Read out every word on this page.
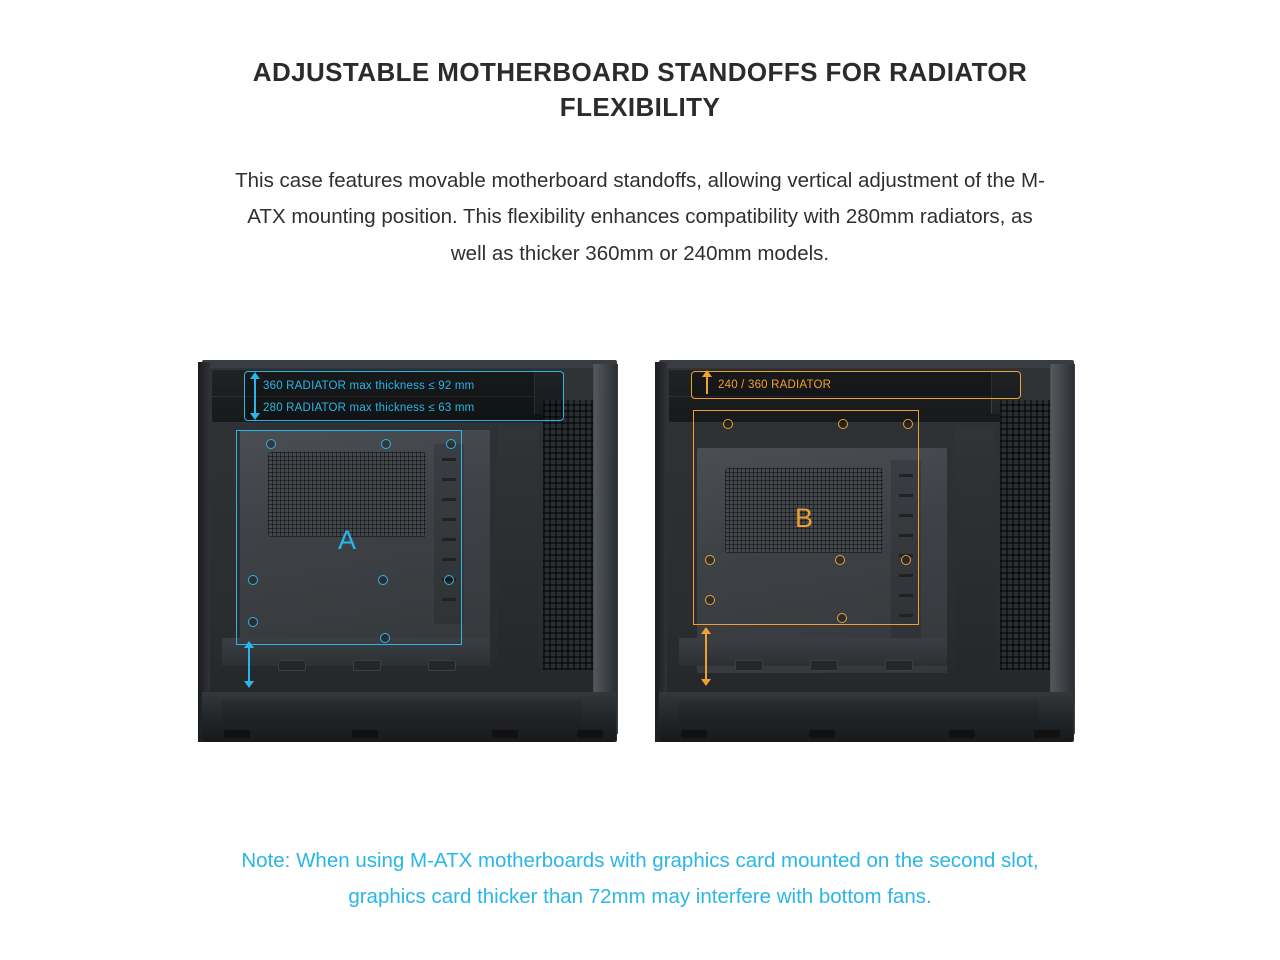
ADJUSTABLE MOTHERBOARD STANDOFFS FOR RADIATOR FLEXIBILITY

This case features movable motherboard standoffs, allowing vertical adjustment of the M-ATX mounting position. This flexibility enhances compatibility with 280mm radiators, as well as thicker 360mm or 240mm models.

360 RADIATOR max thickness ≤ 92 mm
280 RADIATOR max thickness ≤ 63 mm
A
240 / 360 RADIATOR
B

Note: When using M-ATX motherboards with graphics card mounted on the second slot, graphics card thicker than 72mm may interfere with bottom fans.
